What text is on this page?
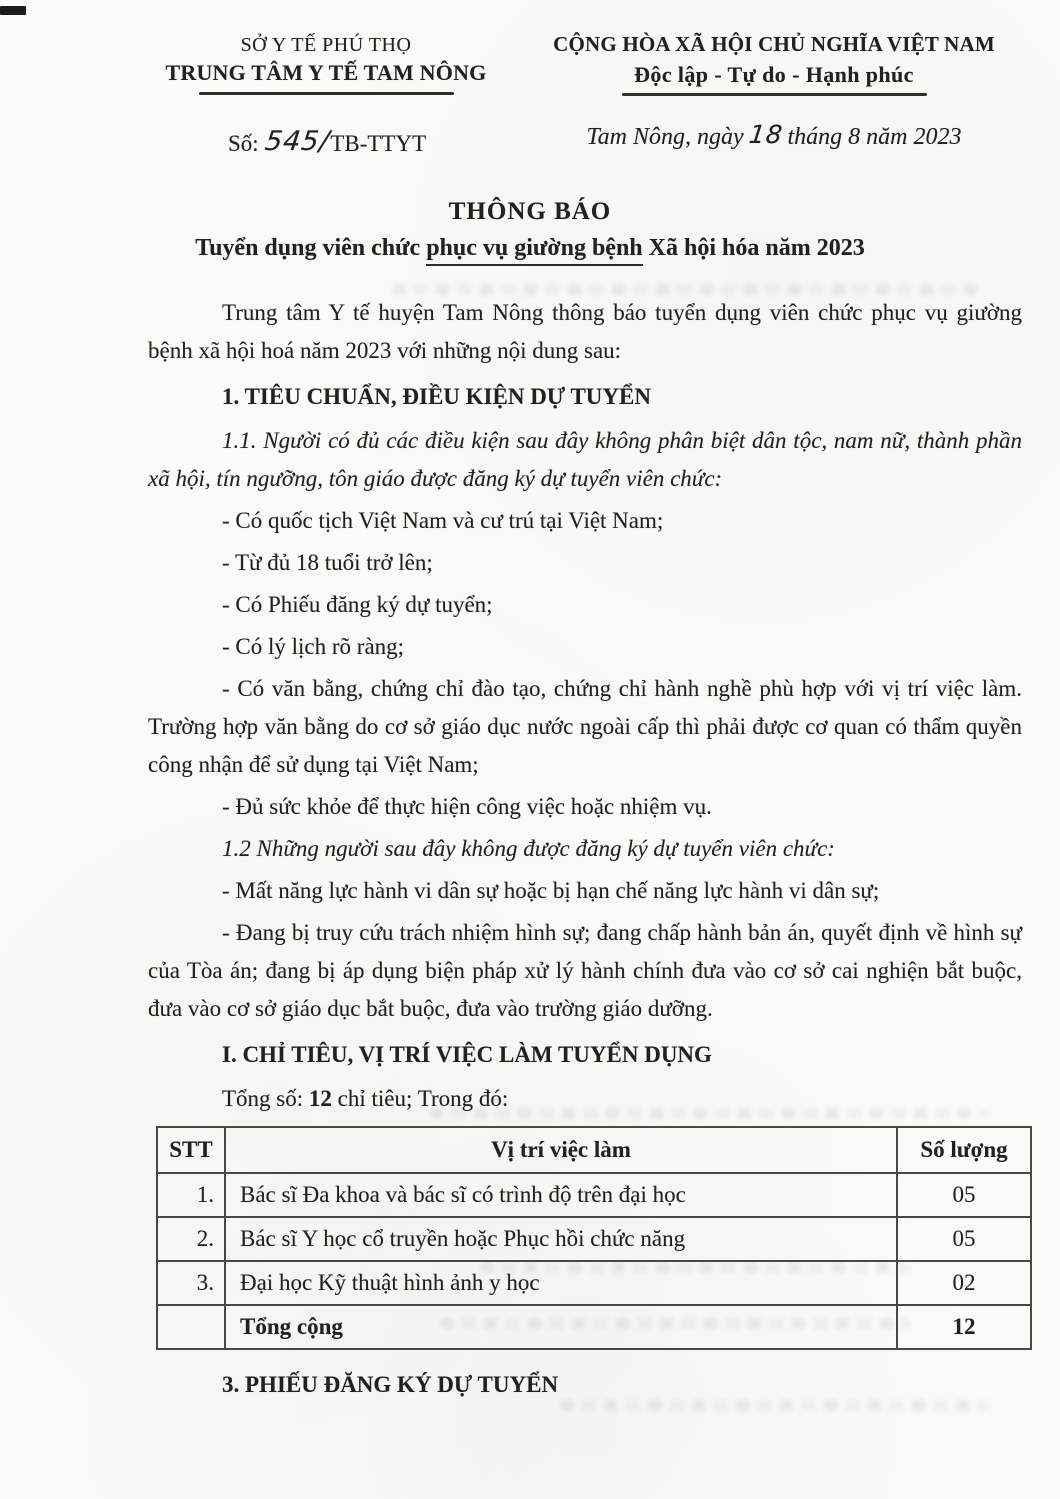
SỞ Y TẾ PHÚ THỌ
TRUNG TÂM Y TẾ TAM NÔNG
CỘNG HÒA XÃ HỘI CHỦ NGHĨA VIỆT NAM
Độc lập - Tự do - Hạnh phúc
Số: 545/TB-TTYT	Tam Nông, ngày 18 tháng 8 năm 2023
THÔNG BÁO
Tuyển dụng viên chức phục vụ giường bệnh Xã hội hóa năm 2023

Trung tâm Y tế huyện Tam Nông thông báo tuyển dụng viên chức phục vụ giường bệnh xã hội hoá năm 2023 với những nội dung sau:

1. TIÊU CHUẨN, ĐIỀU KIỆN DỰ TUYỂN

1.1. Người có đủ các điều kiện sau đây không phân biệt dân tộc, nam nữ, thành phần xã hội, tín ngưỡng, tôn giáo được đăng ký dự tuyển viên chức:

- Có quốc tịch Việt Nam và cư trú tại Việt Nam;

- Từ đủ 18 tuổi trở lên;

- Có Phiếu đăng ký dự tuyển;

- Có lý lịch rõ ràng;

- Có văn bằng, chứng chỉ đào tạo, chứng chỉ hành nghề phù hợp với vị trí việc làm. Trường hợp văn bằng do cơ sở giáo dục nước ngoài cấp thì phải được cơ quan có thẩm quyền công nhận để sử dụng tại Việt Nam;

- Đủ sức khỏe để thực hiện công việc hoặc nhiệm vụ.

1.2 Những người sau đây không được đăng ký dự tuyển viên chức:

- Mất năng lực hành vi dân sự hoặc bị hạn chế năng lực hành vi dân sự;

- Đang bị truy cứu trách nhiệm hình sự; đang chấp hành bản án, quyết định về hình sự của Tòa án; đang bị áp dụng biện pháp xử lý hành chính đưa vào cơ sở cai nghiện bắt buộc, đưa vào cơ sở giáo dục bắt buộc, đưa vào trường giáo dưỡng.

I. CHỈ TIÊU, VỊ TRÍ VIỆC LÀM TUYỂN DỤNG

Tổng số: 12 chỉ tiêu; Trong đó:

STT	Vị trí việc làm	Số lượng
1.	Bác sĩ Đa khoa và bác sĩ có trình độ trên đại học	05
2.	Bác sĩ Y học cổ truyền hoặc Phục hồi chức năng	05
3.	Đại học Kỹ thuật hình ảnh y học	02
	Tổng cộng	12

3. PHIẾU ĐĂNG KÝ DỰ TUYỂN
